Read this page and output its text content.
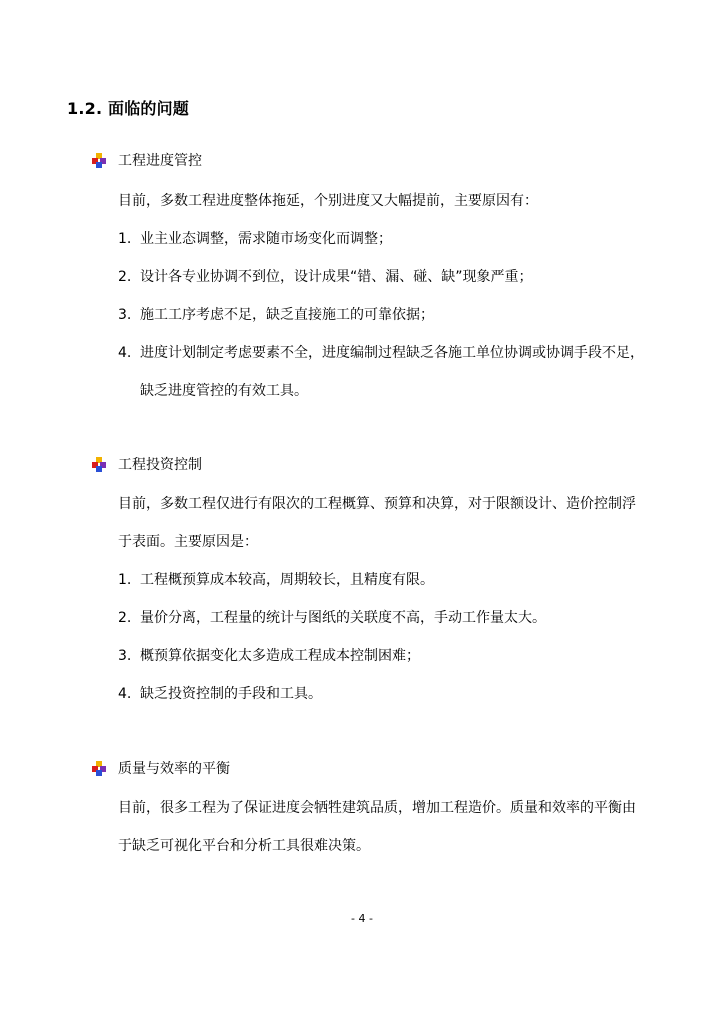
1.2. 面临的问题
工程进度管控
目前，多数工程进度整体拖延，个别进度又大幅提前，主要原因有：
1. 业主业态调整，需求随市场变化而调整；
2. 设计各专业协调不到位，设计成果“错、漏、碰、缺”现象严重；
3. 施工工序考虑不足，缺乏直接施工的可靠依据；
4. 进度计划制定考虑要素不全，进度编制过程缺乏各施工单位协调或协调手段不足，
缺乏进度管控的有效工具。
工程投资控制
目前，多数工程仅进行有限次的工程概算、预算和决算，对于限额设计、造价控制浮
于表面。主要原因是：
1. 工程概预算成本较高，周期较长，且精度有限。
2. 量价分离，工程量的统计与图纸的关联度不高，手动工作量太大。
3. 概预算依据变化太多造成工程成本控制困难；
4. 缺乏投资控制的手段和工具。
质量与效率的平衡
目前，很多工程为了保证进度会牺牲建筑品质，增加工程造价。质量和效率的平衡由
于缺乏可视化平台和分析工具很难决策。
- 4 -
